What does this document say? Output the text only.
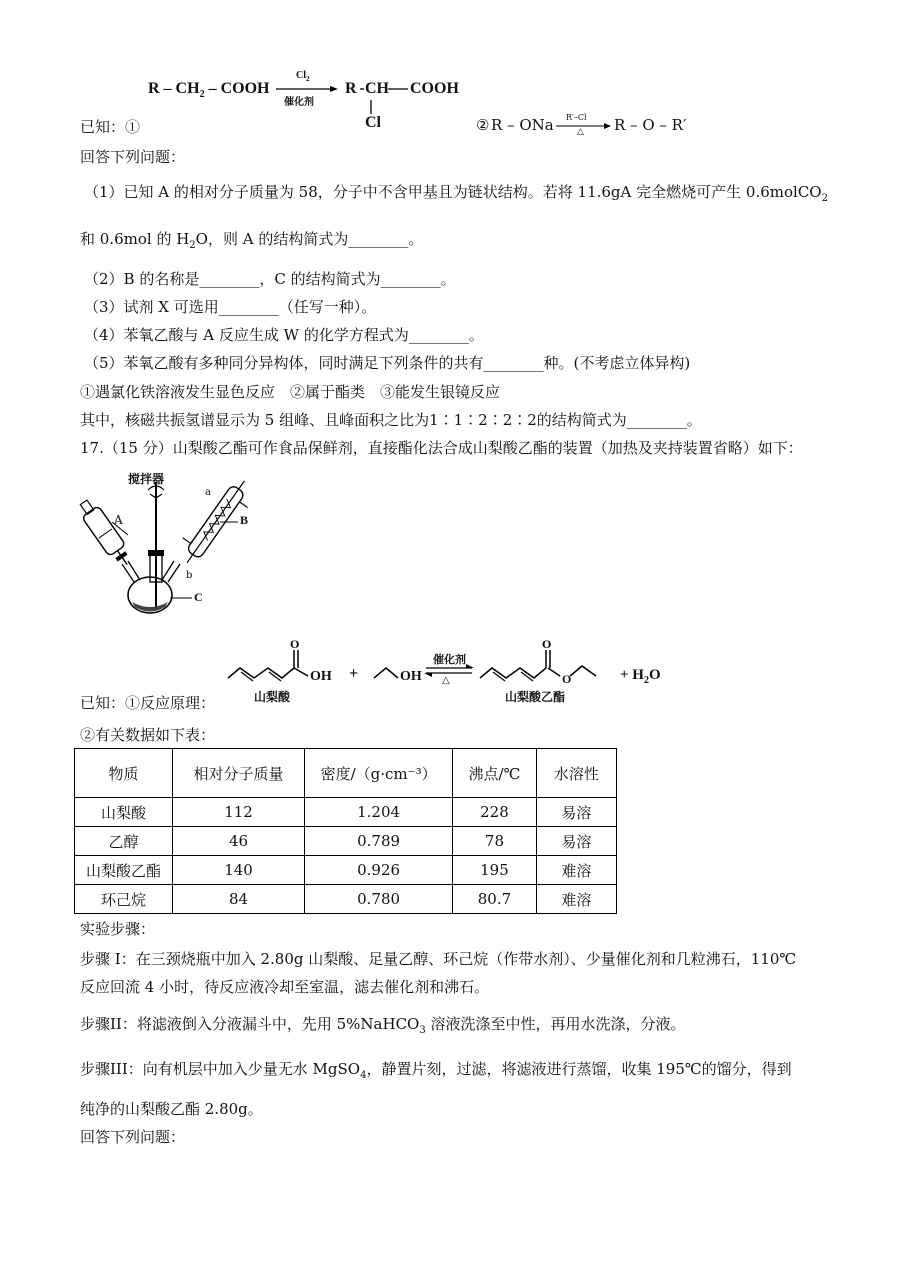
R – $CH_2$ – COOH
$Cl_2$
催化剂
R CH COOH
Cl
已知：①	② R – ONa R′–Cl
△ R – O – R′
回答下列问题：
（1）已知 A 的相对分子质量为 58，分子中不含甲基且为链状结构。若将 11.6gA 完全燃烧可产生 0.6molCO$_2$
和 0.6mol 的 $H_2O$，则 A 的结构简式为________。
（2）B 的名称是________，C 的结构简式为________。
（3）试剂 X 可选用________（任写一种）。
（4）苯氧乙酸与 A 反应生成 W 的化学方程式为________。
（5）苯氧乙酸有多种同分异构体，同时满足下列条件的共有________种。(不考虑立体异构)
①遇氯化铁溶液发生显色反应　②属于酯类　③能发生银镜反应
其中，核磁共振氢谱显示为 5 组峰、且峰面积之比为1∶1∶2∶2∶2的结构简式为________。
17.（15 分）山梨酸乙酯可作食品保鲜剂，直接酯化法合成山梨酸乙酯的装置（加热及夹持装置省略）如下：
搅拌器
A	B
C
a
b
O	O
OH +	OH
催化剂
△	O	+ $H_2O$
山梨酸	山梨酸乙酯
已知：①反应原理：
②有关数据如下表：
物质	相对分子质量	密度/（g·cm⁻³）	沸点/℃	水溶性
山梨酸	112	1.204	228	易溶
乙醇	46	0.789	78	易溶
山梨酸乙酯	140	0.926	195	难溶
环己烷	84	0.780	80.7	难溶
实验步骤：
步骤 I：在三颈烧瓶中加入 2.80g 山梨酸、足量乙醇、环己烷（作带水剂）、少量催化剂和几粒沸石，110℃
反应回流 4 小时，待反应液冷却至室温，滤去催化剂和沸石。
步骤II：将滤液倒入分液漏斗中，先用 5%NaHCO$_3$ 溶液洗涤至中性，再用水洗涤，分液。
步骤III：向有机层中加入少量无水 MgSO$_4$，静置片刻，过滤，将滤液进行蒸馏，收集 195℃的馏分，得到
纯净的山梨酸乙酯 2.80g。
回答下列问题：
